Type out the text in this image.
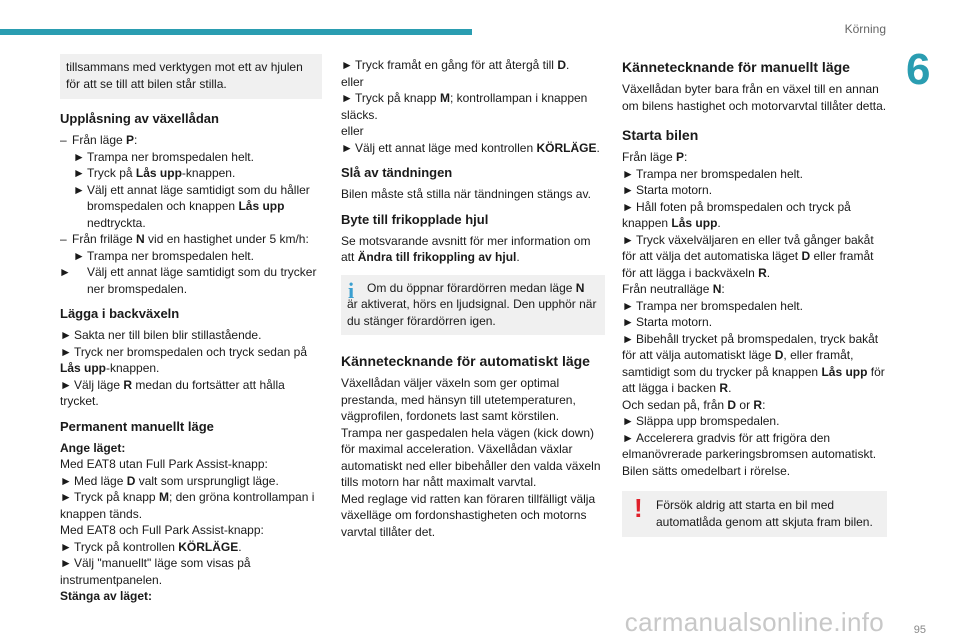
Körning
6

tillsammans med verktygen mot ett av hjulen för att se till att bilen står stilla.

Upplåsning av växellådan

– Från läge P:

► Trampa ner bromspedalen helt.

► Tryck på Lås upp-knappen.

► Välj ett annat läge samtidigt som du håller bromspedalen och knappen Lås upp nedtryckta.

– Från friläge N vid en hastighet under 5 km/h:

► Trampa ner bromspedalen helt.

► Välj ett annat läge samtidigt som du trycker ner bromspedalen.

Lägga i backväxeln

► Sakta ner till bilen blir stillastående.

► Tryck ner bromspedalen och tryck sedan på Lås upp-knappen.

► Välj läge R medan du fortsätter att hålla trycket.

Permanent manuellt läge

Ange läget:

Med EAT8 utan Full Park Assist-knapp:

► Med läge D valt som ursprungligt läge.

► Tryck på knapp M; den gröna kontrollampan i knappen tänds.

Med EAT8 och Full Park Assist-knapp:

► Tryck på kontrollen KÖRLÄGE.

► Välj "manuellt" läge som visas på instrumentpanelen.

Stänga av läget:

► Tryck framåt en gång för att återgå till D.

eller

► Tryck på knapp M; kontrollampan i knappen släcks.

eller

► Välj ett annat läge med kontrollen KÖRLÄGE.

Slå av tändningen

Bilen måste stå stilla när tändningen stängs av.

Byte till frikopplade hjul

Se motsvarande avsnitt för mer information om att Ändra till frikoppling av hjul.

i	Om du öppnar förardörren medan läge N är aktiverat, hörs en ljudsignal. Den upphör när du stänger förardörren igen.

Kännetecknande för automatiskt läge

Växellådan väljer växeln som ger optimal prestanda, med hänsyn till utetemperaturen, vägprofilen, fordonets last samt körstilen.

Trampa ner gaspedalen hela vägen (kick down) för maximal acceleration. Växellådan växlar automatiskt ned eller bibehåller den valda växeln tills motorn har nått maximalt varvtal.

Med reglage vid ratten kan föraren tillfälligt välja växelläge om fordonshastigheten och motorns varvtal tillåter det.

Kännetecknande för manuellt läge

Växellådan byter bara från en växel till en annan om bilens hastighet och motorvarvtal tillåter detta.

Starta bilen

Från läge P:

► Trampa ner bromspedalen helt.

► Starta motorn.

► Håll foten på bromspedalen och tryck på knappen Lås upp.

► Tryck växelväljaren en eller två gånger bakåt för att välja det automatiska läget D eller framåt för att lägga i backväxeln R.

Från neutralläge N:

► Trampa ner bromspedalen helt.

► Starta motorn.

► Bibehåll trycket på bromspedalen, tryck bakåt för att välja automatiskt läge D, eller framåt, samtidigt som du trycker på knappen Lås upp för att lägga i backen R.

Och sedan på, från D or R:

► Släppa upp bromspedalen.

► Accelerera gradvis för att frigöra den elmanövrerade parkeringsbromsen automatiskt.

Bilen sätts omedelbart i rörelse.

!	Försök aldrig att starta en bil med automatlåda genom att skjuta fram bilen.

carmanualsonline.info	95
